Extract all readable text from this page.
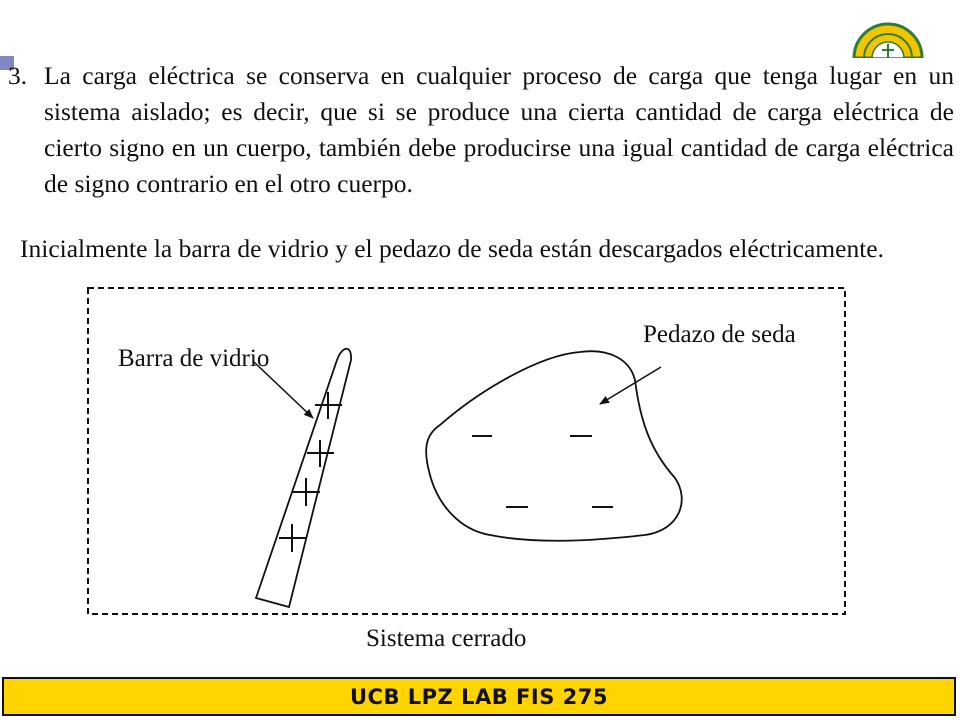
3. La carga eléctrica se conserva en cualquier proceso de carga que tenga lugar en un sistema aislado; es decir, que si se produce una cierta cantidad de carga eléctrica de cierto signo en un cuerpo, también debe producirse una igual cantidad de carga eléctrica de signo contrario en el otro cuerpo.
Inicialmente la barra de vidrio y el pedazo de seda están descargados eléctricamente.
Barra de vidrio
Pedazo de seda
Sistema cerrado
UCB LPZ LAB FIS 275
